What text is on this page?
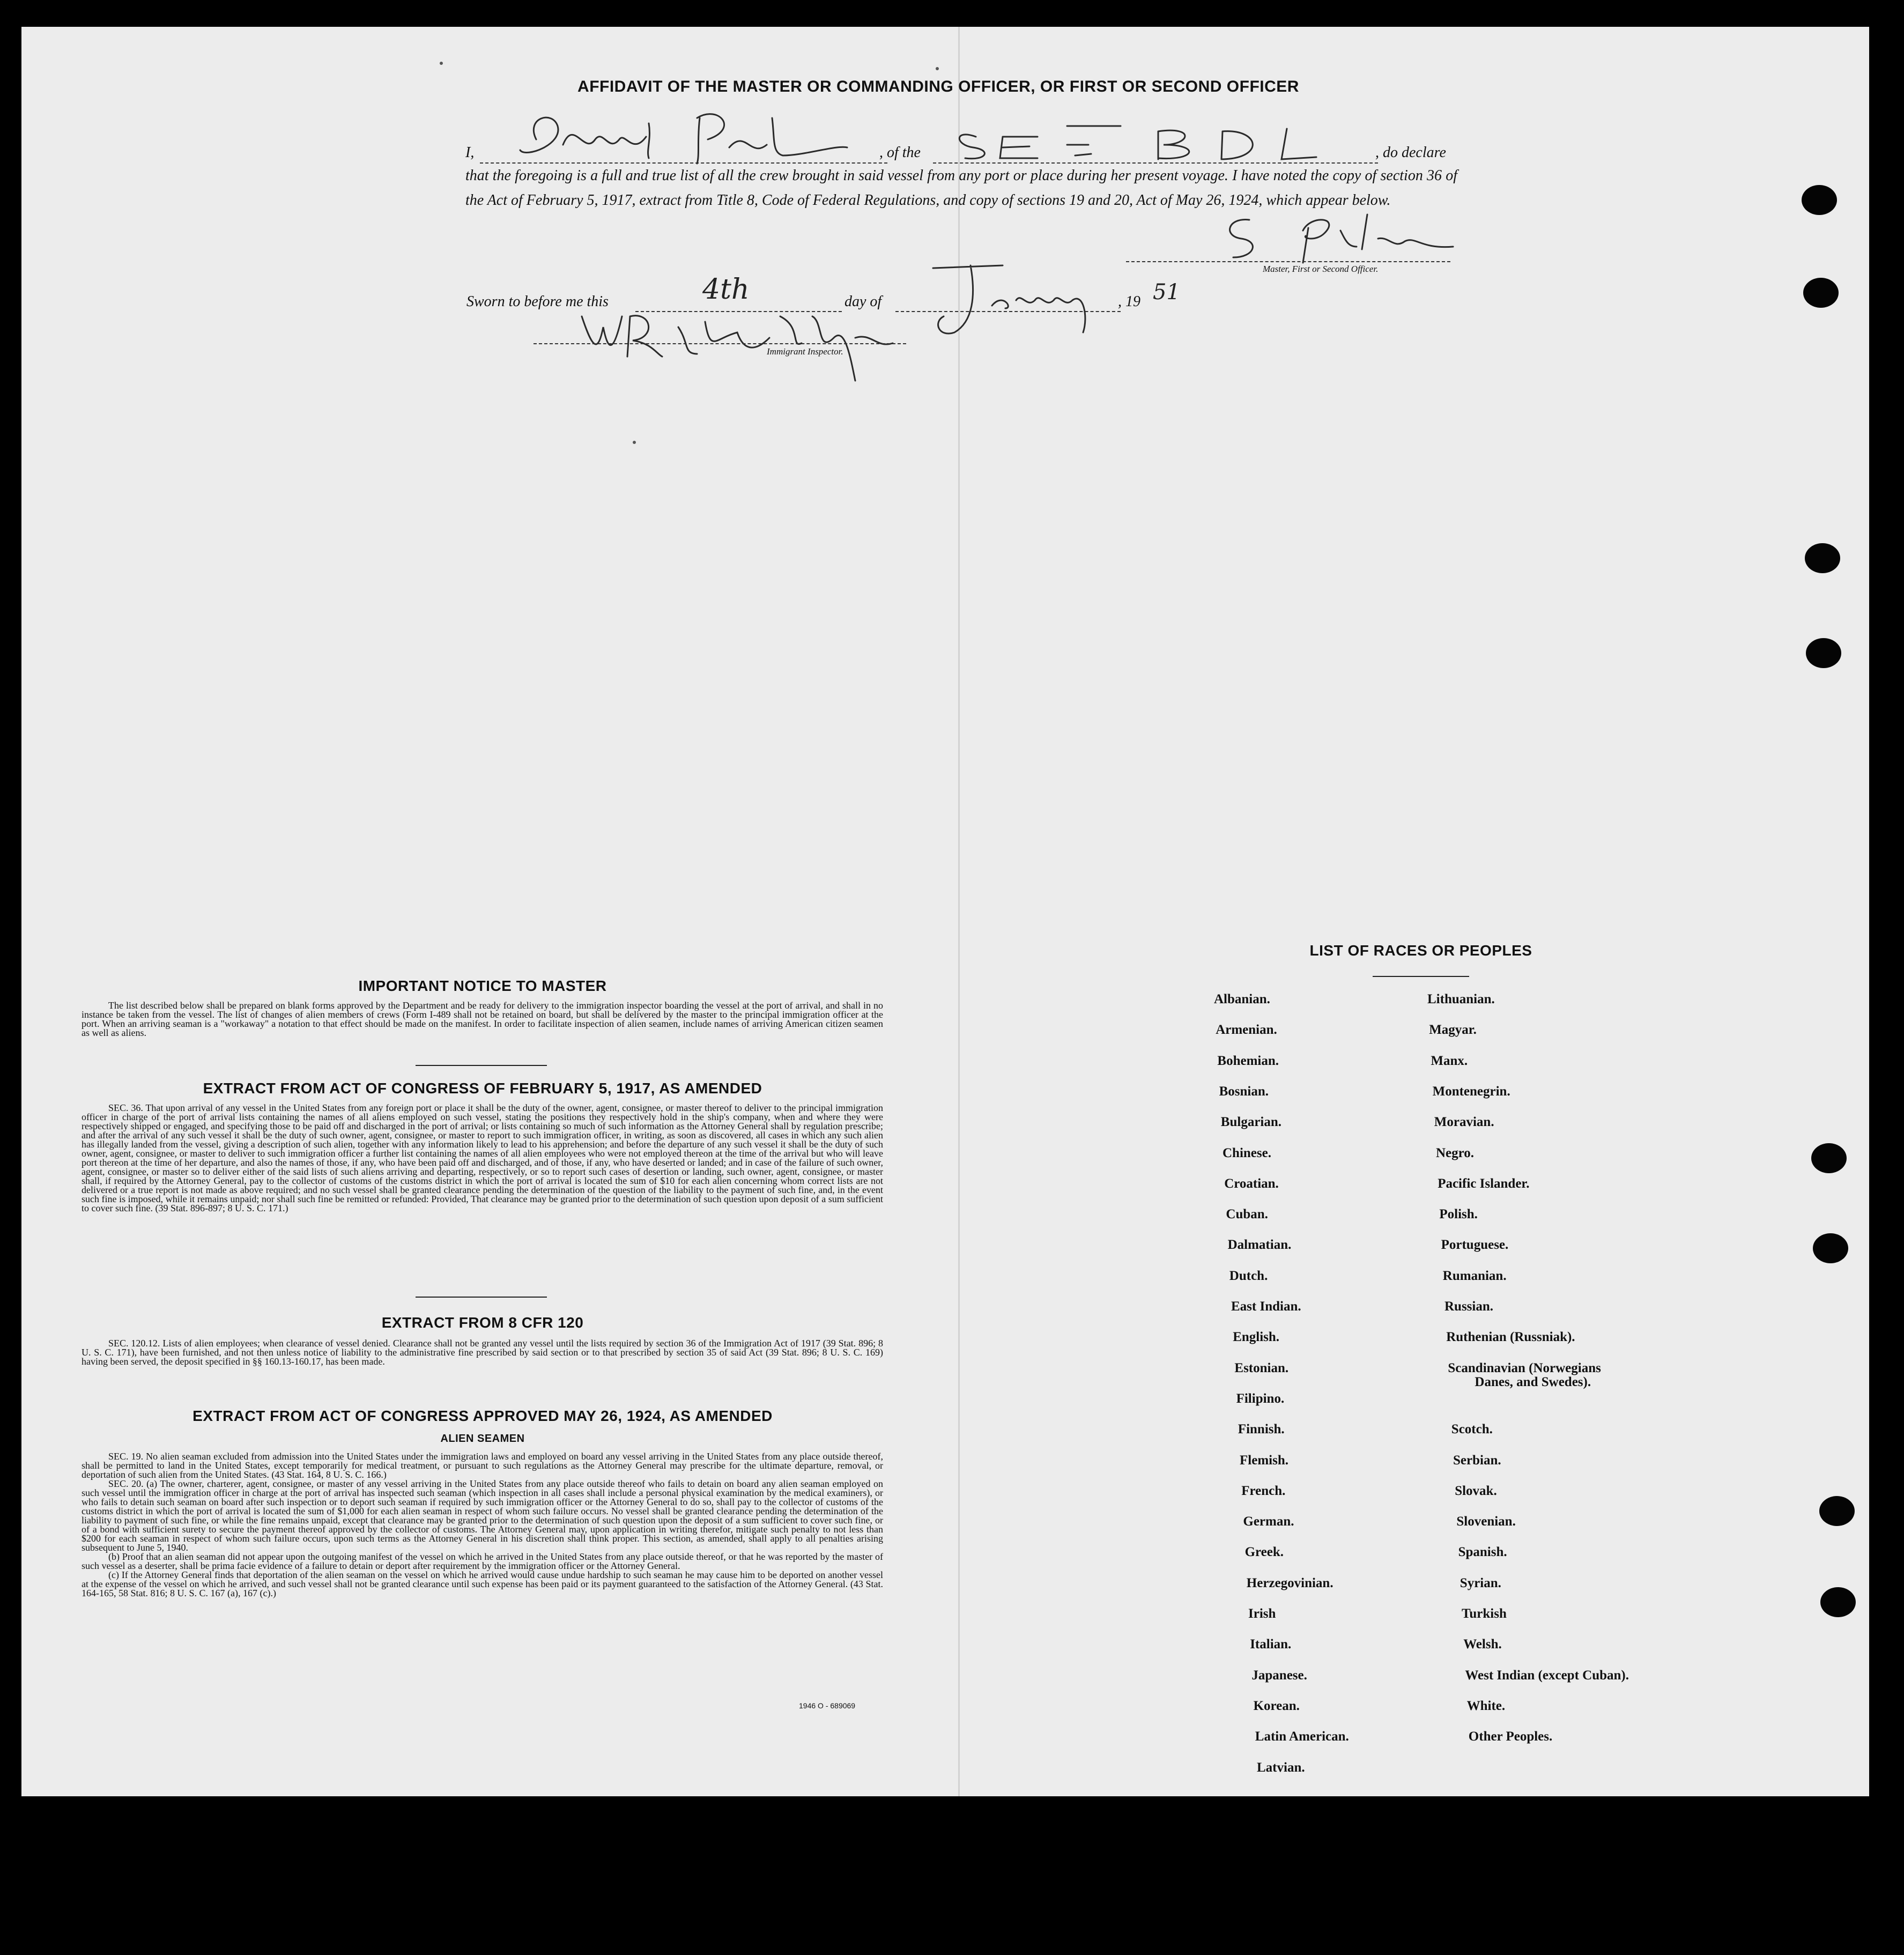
AFFIDAVIT OF THE MASTER OR COMMANDING OFFICER, OR FIRST OR SECOND OFFICER
I,	, of the	, do declare
that the foregoing is a full and true list of all the crew brought in said vessel from any port or place during her present voyage. I have noted the copy of section 36 of the Act of February 5, 1917, extract from Title 8, Code of Federal Regulations, and copy of sections 19 and 20, Act of May 26, 1924, which appear below.
Master, First or Second Officer.
Sworn to before me this	4th	day of	, 19 51
Immigrant Inspector.
IMPORTANT NOTICE TO MASTER
The list described below shall be prepared on blank forms approved by the Department and be ready for delivery to the immigration inspector boarding the vessel at the port of arrival, and shall in no instance be taken from the vessel. The list of changes of alien members of crews (Form I-489 shall not be retained on board, but shall be delivered by the master to the principal immigration officer at the port. When an arriving seaman is a "workaway" a notation to that effect should be made on the manifest. In order to facilitate inspection of alien seamen, include names of arriving American citizen seamen as well as aliens.
EXTRACT FROM ACT OF CONGRESS OF FEBRUARY 5, 1917, AS AMENDED
SEC. 36. That upon arrival of any vessel in the United States from any foreign port or place it shall be the duty of the owner, agent, consignee, or master thereof to deliver to the principal immigration officer in charge of the port of arrival lists containing the names of all aliens employed on such vessel, stating the positions they respectively hold in the ship's company, when and where they were respectively shipped or engaged, and specifying those to be paid off and discharged in the port of arrival; or lists containing so much of such information as the Attorney General shall by regulation prescribe; and after the arrival of any such vessel it shall be the duty of such owner, agent, consignee, or master to report to such immigration officer, in writing, as soon as discovered, all cases in which any such alien has illegally landed from the vessel, giving a description of such alien, together with any information likely to lead to his apprehension; and before the departure of any such vessel it shall be the duty of such owner, agent, consignee, or master to deliver to such immigration officer a further list containing the names of all alien employees who were not employed thereon at the time of the arrival but who will leave port thereon at the time of her departure, and also the names of those, if any, who have been paid off and discharged, and of those, if any, who have deserted or landed; and in case of the failure of such owner, agent, consignee, or master so to deliver either of the said lists of such aliens arriving and departing, respectively, or so to report such cases of desertion or landing, such owner, agent, consignee, or master shall, if required by the Attorney General, pay to the collector of customs of the customs district in which the port of arrival is located the sum of $10 for each alien concerning whom correct lists are not delivered or a true report is not made as above required; and no such vessel shall be granted clearance pending the determination of the question of the liability to the payment of such fine, and, in the event such fine is imposed, while it remains unpaid; nor shall such fine be remitted or refunded: Provided, That clearance may be granted prior to the determination of such question upon deposit of a sum sufficient to cover such fine. (39 Stat. 896-897; 8 U. S. C. 171.)
EXTRACT FROM 8 CFR 120
SEC. 120.12. Lists of alien employees; when clearance of vessel denied. Clearance shall not be granted any vessel until the lists required by section 36 of the Immigration Act of 1917 (39 Stat. 896; 8 U. S. C. 171), have been furnished, and not then unless notice of liability to the administrative fine prescribed by said section or to that prescribed by section 35 of said Act (39 Stat. 896; 8 U. S. C. 169) having been served, the deposit specified in §§ 160.13-160.17, has been made.
EXTRACT FROM ACT OF CONGRESS APPROVED MAY 26, 1924, AS AMENDED
ALIEN SEAMEN

SEC. 19. No alien seaman excluded from admission into the United States under the immigration laws and employed on board any vessel arriving in the United States from any place outside thereof, shall be permitted to land in the United States, except temporarily for medical treatment, or pursuant to such regulations as the Attorney General may prescribe for the ultimate departure, removal, or deportation of such alien from the United States. (43 Stat. 164, 8 U. S. C. 166.)

SEC. 20. (a) The owner, charterer, agent, consignee, or master of any vessel arriving in the United States from any place outside thereof who fails to detain on board any alien seaman employed on such vessel until the immigration officer in charge at the port of arrival has inspected such seaman (which inspection in all cases shall include a personal physical examination by the medical examiners), or who fails to detain such seaman on board after such inspection or to deport such seaman if required by such immigration officer or the Attorney General to do so, shall pay to the collector of customs of the customs district in which the port of arrival is located the sum of $1,000 for each alien seaman in respect of whom such failure occurs. No vessel shall be granted clearance pending the determination of the liability to payment of such fine, or while the fine remains unpaid, except that clearance may be granted prior to the determination of such question upon the deposit of a sum sufficient to cover such fine, or of a bond with sufficient surety to secure the payment thereof approved by the collector of customs. The Attorney General may, upon application in writing therefor, mitigate such penalty to not less than $200 for each seaman in respect of whom such failure occurs, upon such terms as the Attorney General in his discretion shall think proper. This section, as amended, shall apply to all penalties arising subsequent to June 5, 1940.

(b) Proof that an alien seaman did not appear upon the outgoing manifest of the vessel on which he arrived in the United States from any place outside thereof, or that he was reported by the master of such vessel as a deserter, shall be prima facie evidence of a failure to detain or deport after requirement by the immigration officer or the Attorney General.

(c) If the Attorney General finds that deportation of the alien seaman on the vessel on which he arrived would cause undue hardship to such seaman he may cause him to be deported on another vessel at the expense of the vessel on which he arrived, and such vessel shall not be granted clearance until such expense has been paid or its payment guaranteed to the satisfaction of the Attorney General. (43 Stat. 164-165, 58 Stat. 816; 8 U. S. C. 167 (a), 167 (c).)

1946 O - 689069
LIST OF RACES OR PEOPLES
Albanian.
Armenian.
Bohemian.
Bosnian.
Bulgarian.
Chinese.
Croatian.
Cuban.
Dalmatian.
Dutch.
East Indian.
English.
Estonian.
Filipino.
Finnish.
Flemish.
French.
German.
Greek.
Herzegovinian.
Irish
Italian.
Japanese.
Korean.
Latin American.
Latvian.
Lithuanian.
Magyar.
Manx.
Montenegrin.
Moravian.
Negro.
Pacific Islander.
Polish.
Portuguese.
Rumanian.
Russian.
Ruthenian (Russniak).
Scandinavian (Norwegians
Danes, and Swedes).
Scotch.
Serbian.
Slovak.
Slovenian.
Spanish.
Syrian.
Turkish
Welsh.
West Indian (except Cuban).
White.
Other Peoples.
